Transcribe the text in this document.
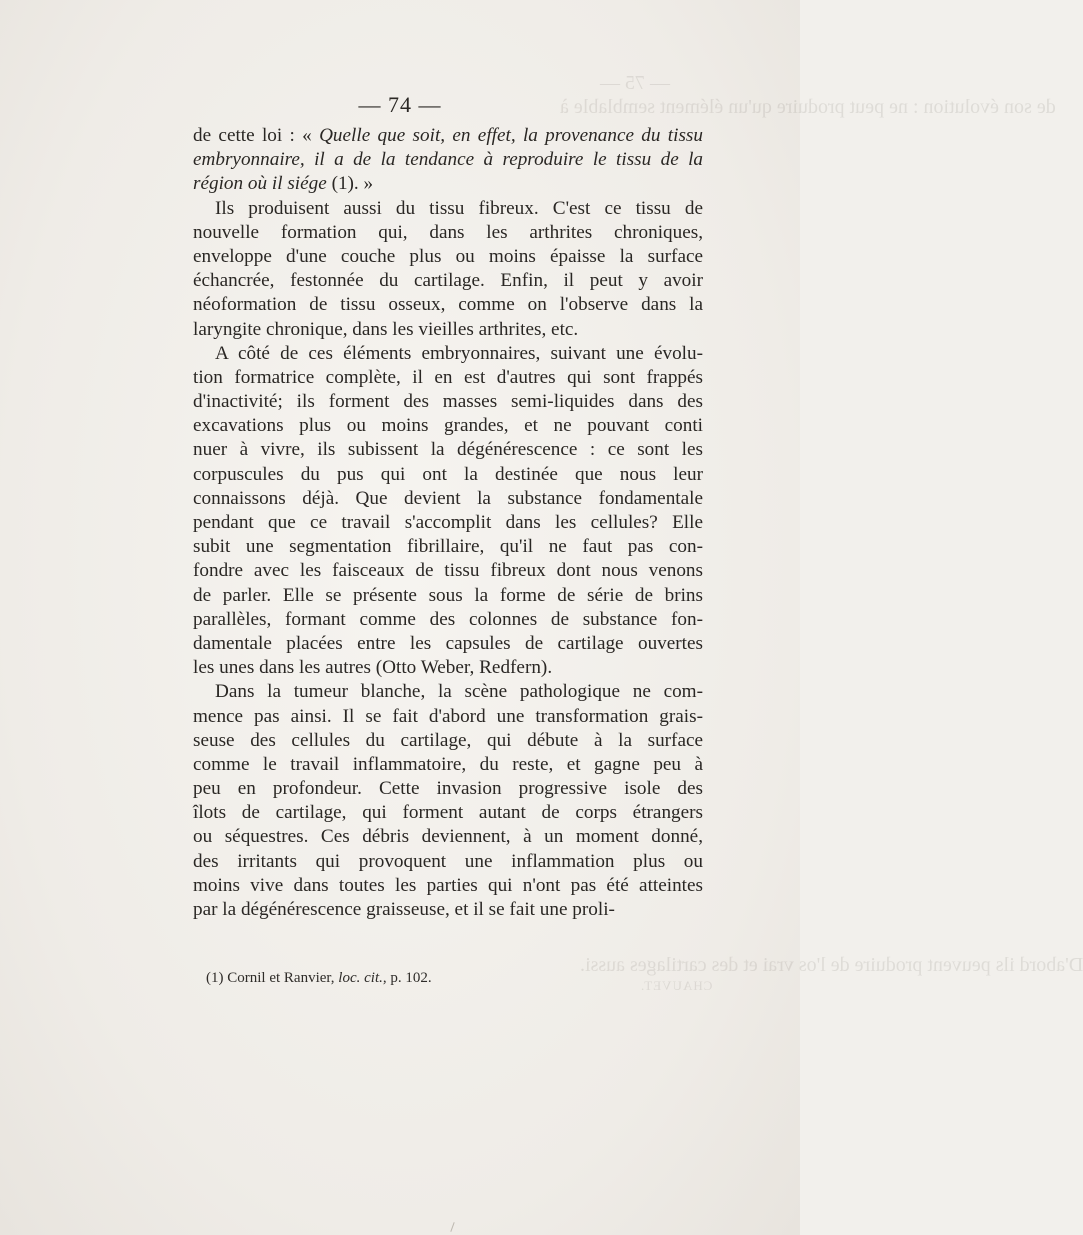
— 75 —
de son évolution : ne peut produire qu'un élément semblable à
D'abord ils peuvent produire de l'os vrai et des cartilages aussi.
CHAUVET.
— 74 —
de cette loi : « Quelle que soit, en effet, la provenance du tissu
embryonnaire, il a de la tendance à reproduire le tissu de la
région où il siége (1). »
Ils produisent aussi du tissu fibreux. C'est ce tissu de
nouvelle formation qui, dans les arthrites chroniques,
enveloppe d'une couche plus ou moins épaisse la surface
échancrée, festonnée du cartilage. Enfin, il peut y avoir
néoformation de tissu osseux, comme on l'observe dans la
laryngite chronique, dans les vieilles arthrites, etc.
A côté de ces éléments embryonnaires, suivant une évolu-
tion formatrice complète, il en est d'autres qui sont frappés
d'inactivité; ils forment des masses semi-liquides dans des
excavations plus ou moins grandes, et ne pouvant conti
nuer à vivre, ils subissent la dégénérescence : ce sont les
corpuscules du pus qui ont la destinée que nous leur
connaissons déjà. Que devient la substance fondamentale
pendant que ce travail s'accomplit dans les cellules? Elle
subit une segmentation fibrillaire, qu'il ne faut pas con-
fondre avec les faisceaux de tissu fibreux dont nous venons
de parler. Elle se présente sous la forme de série de brins
parallèles, formant comme des colonnes de substance fon-
damentale placées entre les capsules de cartilage ouvertes
les unes dans les autres (Otto Weber, Redfern).
Dans la tumeur blanche, la scène pathologique ne com-
mence pas ainsi. Il se fait d'abord une transformation grais-
seuse des cellules du cartilage, qui débute à la surface
comme le travail inflammatoire, du reste, et gagne peu à
peu en profondeur. Cette invasion progressive isole des
îlots de cartilage, qui forment autant de corps étrangers
ou séquestres. Ces débris deviennent, à un moment donné,
des irritants qui provoquent une inflammation plus ou
moins vive dans toutes les parties qui n'ont pas été atteintes
par la dégénérescence graisseuse, et il se fait une proli-
(1) Cornil et Ranvier, loc. cit., p. 102.
